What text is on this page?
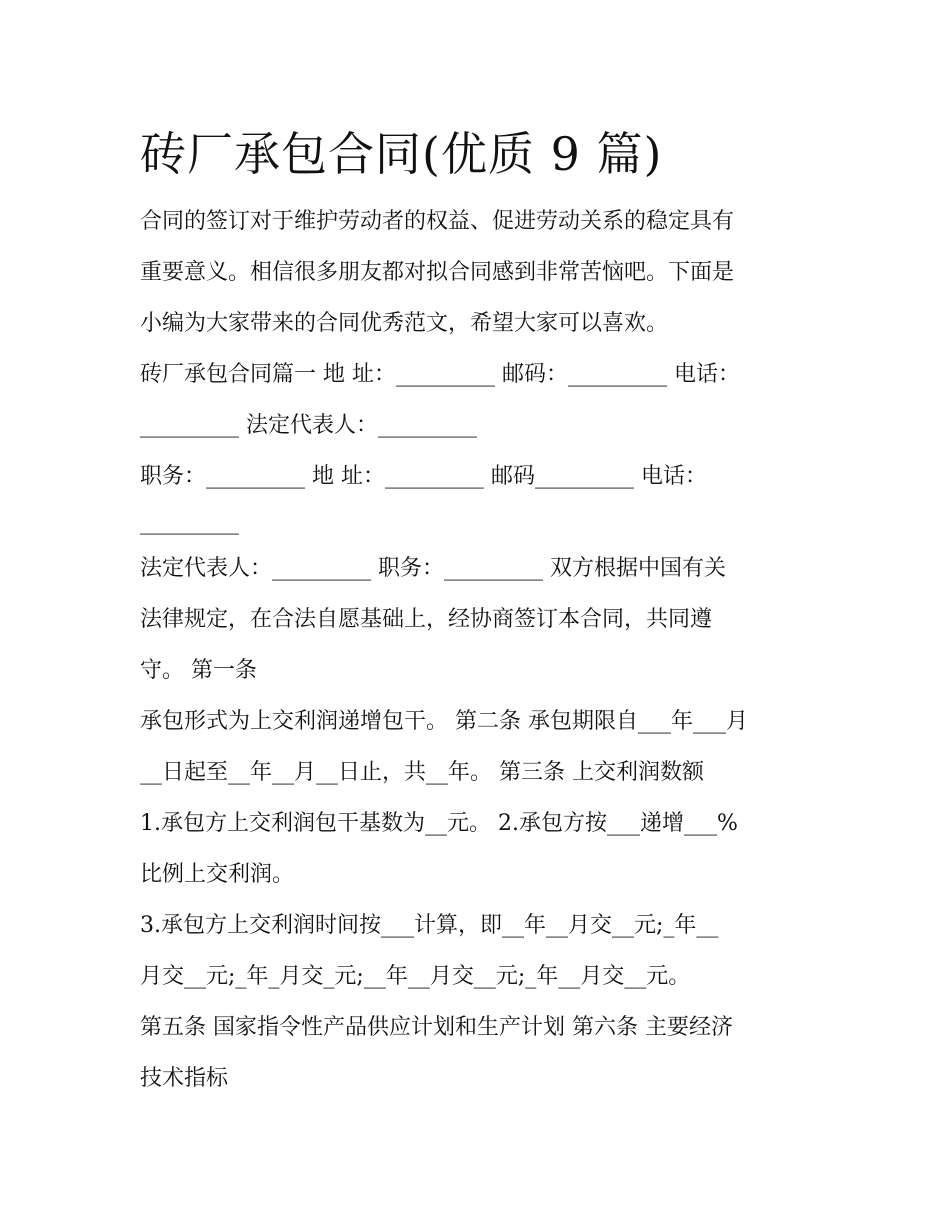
砖厂承包合同(优质 9 篇)

合同的签订对于维护劳动者的权益、促进劳动关系的稳定具有

重要意义。相信很多朋友都对拟合同感到非常苦恼吧。下面是

小编为大家带来的合同优秀范文，希望大家可以喜欢。

砖厂承包合同篇一 地 址：_________ 邮码：_________ 电话：

_________ 法定代表人：_________

职务：_________ 地 址：_________ 邮码_________ 电话：

_________

法定代表人：_________ 职务：_________ 双方根据中国有关

法律规定，在合法自愿基础上，经协商签订本合同，共同遵

守。 第一条

承包形式为上交利润递增包干。 第二条 承包期限自___年___月

__日起至__年__月__日止，共__年。 第三条 上交利润数额

1.承包方上交利润包干基数为__元。 2.承包方按___递增___%

比例上交利润。

3.承包方上交利润时间按___计算，即__年__月交__元;_年__

月交__元;_年_月交_元;__年__月交__元;_年__月交__元。

第五条 国家指令性产品供应计划和生产计划 第六条 主要经济

技术指标
